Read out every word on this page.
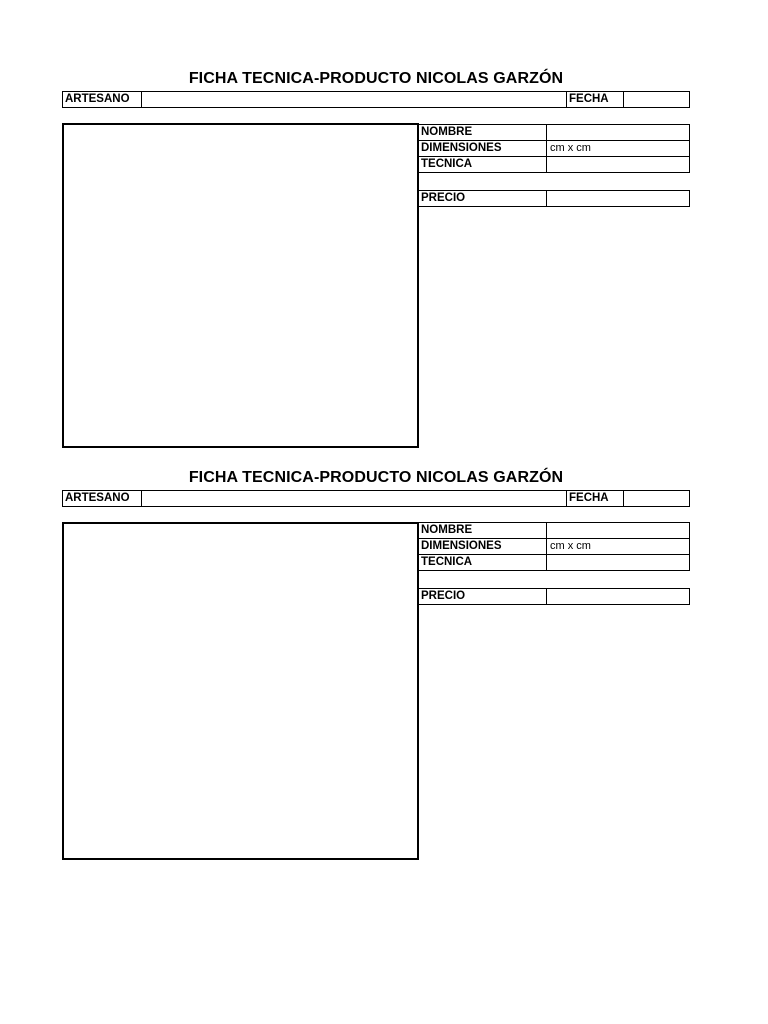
FICHA TECNICA-PRODUCTO NICOLAS GARZÓN
ARTESANO	FECHA
NOMBRE
DIMENSIONES	cm x cm
TECNICA
PRECIO
FICHA TECNICA-PRODUCTO NICOLAS GARZÓN
ARTESANO	FECHA
NOMBRE
DIMENSIONES	cm x cm
TECNICA
PRECIO
